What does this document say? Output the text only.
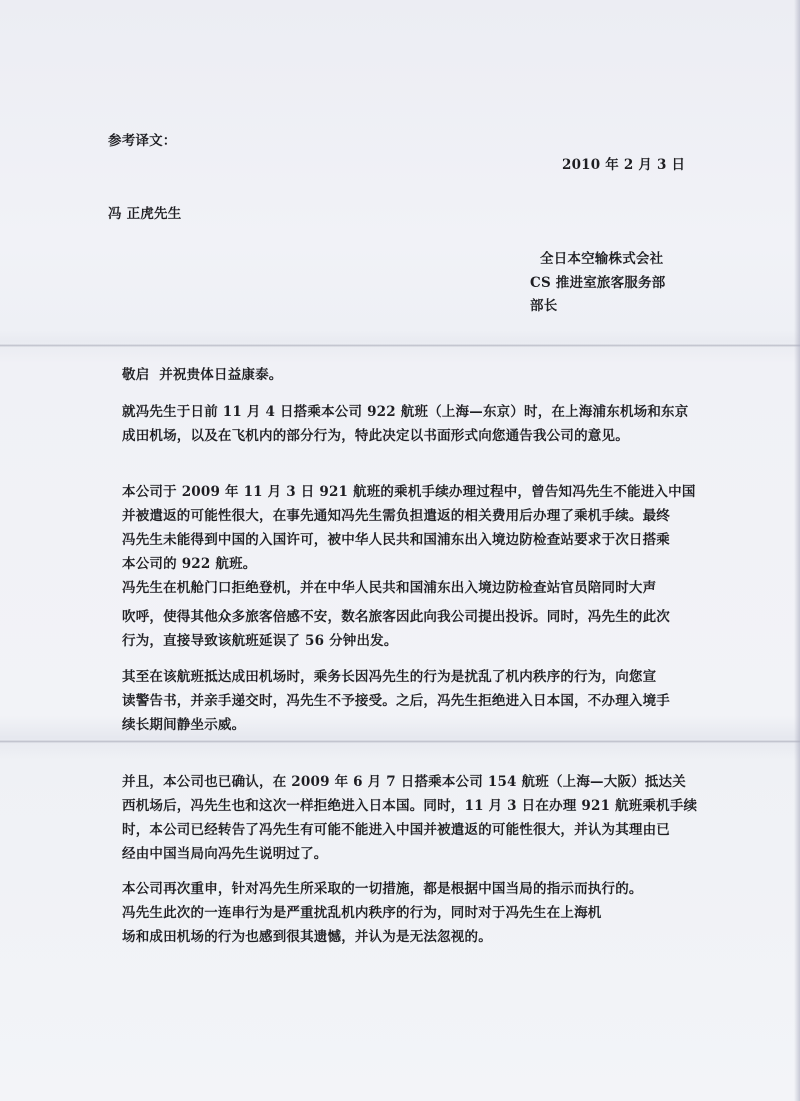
参考译文：

2010 年 2 月 3 日

冯 正虎先生

全日本空输株式会社

CS 推进室旅客服务部

部长

敬启  并祝贵体日益康泰。

就冯先生于日前 11 月 4 日搭乘本公司 922 航班（上海—东京）时，在上海浦东机场和东京
成田机场，以及在飞机内的部分行为，特此决定以书面形式向您通告我公司的意见。
本公司于 2009 年 11 月 3 日 921 航班的乘机手续办理过程中，曾告知冯先生不能进入中国
并被遣返的可能性很大，在事先通知冯先生需负担遣返的相关费用后办理了乘机手续。最终
冯先生未能得到中国的入国许可，被中华人民共和国浦东出入境边防检查站要求于次日搭乘
本公司的 922 航班。
冯先生在机舱门口拒绝登机，并在中华人民共和国浦东出入境边防检查站官员陪同时大声
吹呼，使得其他众多旅客倍感不安，数名旅客因此向我公司提出投诉。同时，冯先生的此次
行为，直接导致该航班延误了 56 分钟出发。
其至在该航班抵达成田机场时，乘务长因冯先生的行为是扰乱了机内秩序的行为，向您宣
读警告书，并亲手递交时，冯先生不予接受。之后，冯先生拒绝进入日本国，不办理入境手
续长期间静坐示威。
并且，本公司也已确认，在 2009 年 6 月 7 日搭乘本公司 154 航班（上海—大阪）抵达关
西机场后，冯先生也和这次一样拒绝进入日本国。同时，11 月 3 日在办理 921 航班乘机手续
时，本公司已经转告了冯先生有可能不能进入中国并被遣返的可能性很大，并认为其理由已
经由中国当局向冯先生说明过了。
本公司再次重申，针对冯先生所采取的一切措施，都是根据中国当局的指示而执行的。
冯先生此次的一连串行为是严重扰乱机内秩序的行为，同时对于冯先生在上海机
场和成田机场的行为也感到很其遗憾，并认为是无法忽视的。
